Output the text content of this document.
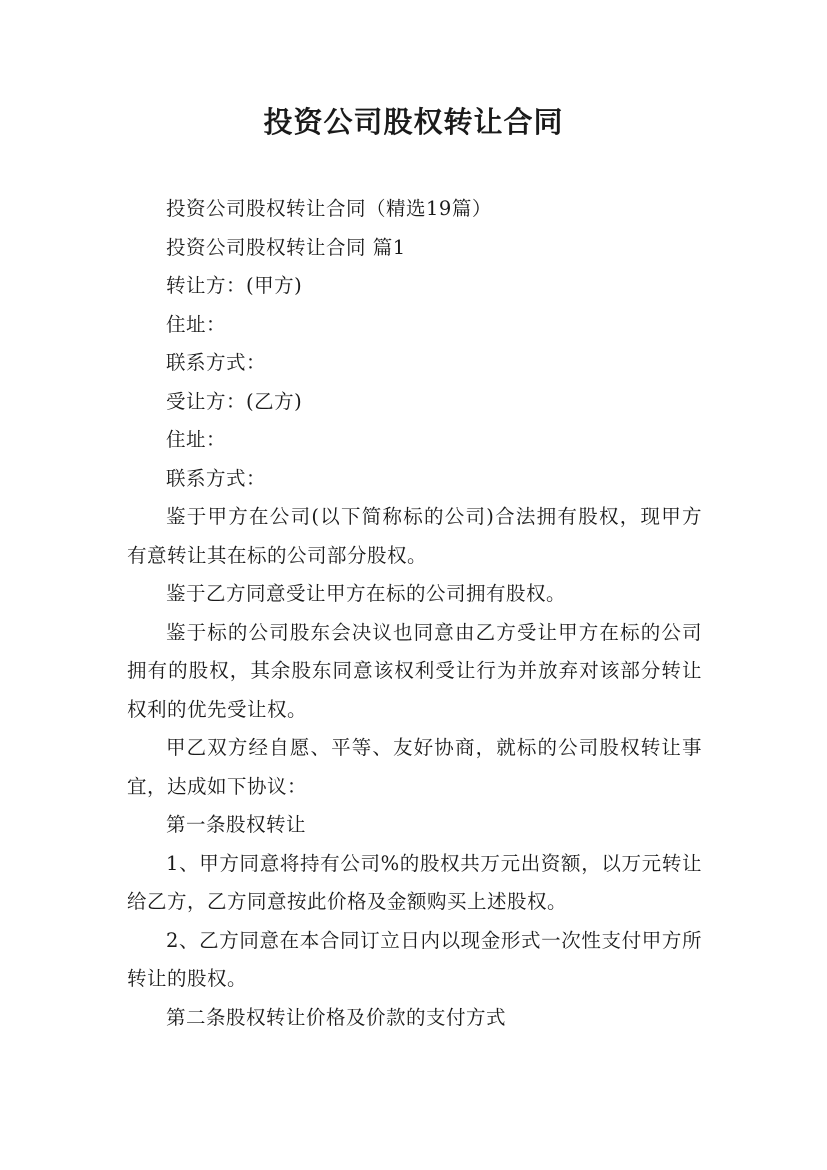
投资公司股权转让合同

投资公司股权转让合同（精选19篇）

投资公司股权转让合同 篇1

转让方：(甲方)

住址：

联系方式：

受让方：(乙方)

住址：

联系方式：

鉴于甲方在公司(以下简称标的公司)合法拥有股权，现甲方有意转让其在标的公司部分股权。

鉴于乙方同意受让甲方在标的公司拥有股权。

鉴于标的公司股东会决议也同意由乙方受让甲方在标的公司拥有的股权，其余股东同意该权利受让行为并放弃对该部分转让权利的优先受让权。

甲乙双方经自愿、平等、友好协商，就标的公司股权转让事宜，达成如下协议：

第一条股权转让

1、甲方同意将持有公司%的股权共万元出资额，以万元转让给乙方，乙方同意按此价格及金额购买上述股权。

2、乙方同意在本合同订立日内以现金形式一次性支付甲方所转让的股权。

第二条股权转让价格及价款的支付方式
